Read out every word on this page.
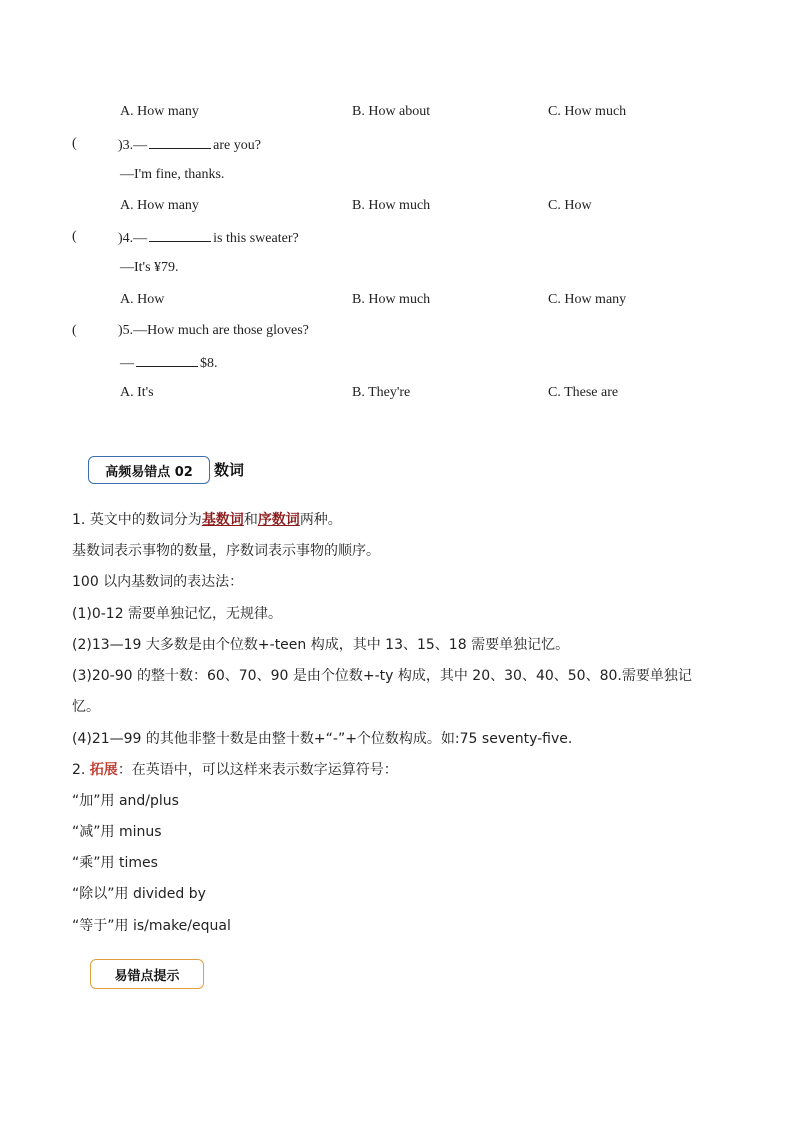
A. How many	B. How about	C. How much
(	)3.—	are you?
—I'm fine, thanks.
A. How many	B. How much	C. How
(	)4.—	is this sweater?
—It's ¥79.
A. How	B. How much	C. How many
(	)5.—How much are those gloves?
—	$8.
A. It's	B. They're	C. These are
高频易错点 02	数词
1. 英文中的数词分为基数词和序数词两种。
基数词表示事物的数量，序数词表示事物的顺序。
100 以内基数词的表达法：
(1)0-12 需要单独记忆，无规律。
(2)13—19 大多数是由个位数+-teen 构成，其中 13、15、18 需要单独记忆。
(3)20-90 的整十数：60、70、90 是由个位数+-ty 构成，其中 20、30、40、50、80.需要单独记
忆。
(4)21—99 的其他非整十数是由整十数+“-”+个位数构成。如:75 seventy-five.
2. 拓展：在英语中，可以这样来表示数字运算符号：
“加”用 and/plus
“减”用 minus
“乘”用 times
“除以”用 divided by
“等于”用 is/make/equal
易错点提示
